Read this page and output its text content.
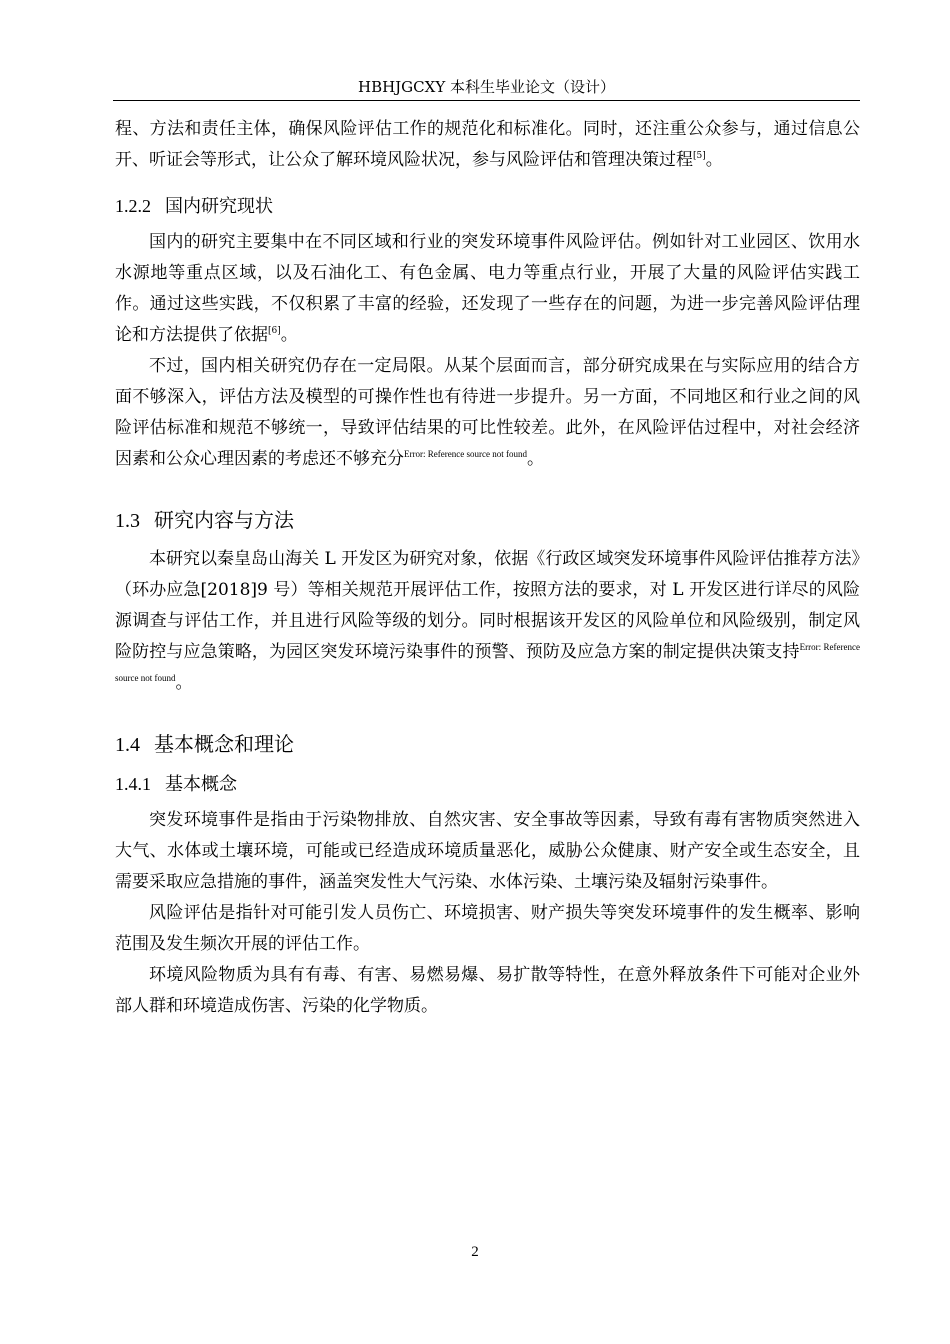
HBHJGCXY 本科生毕业论文（设计）

程、方法和责任主体，确保风险评估工作的规范化和标准化。同时，还注重公众参与，通过信息公开、听证会等形式，让公众了解环境风险状况，参与风险评估和管理决策过程[5]。

1.2.2 国内研究现状

国内的研究主要集中在不同区域和行业的突发环境事件风险评估。例如针对工业园区、饮用水水源地等重点区域，以及石油化工、有色金属、电力等重点行业，开展了大量的风险评估实践工作。通过这些实践，不仅积累了丰富的经验，还发现了一些存在的问题，为进一步完善风险评估理论和方法提供了依据[6]。

不过，国内相关研究仍存在一定局限。从某个层面而言，部分研究成果在与实际应用的结合方面不够深入，评估方法及模型的可操作性也有待进一步提升。另一方面，不同地区和行业之间的风险评估标准和规范不够统一，导致评估结果的可比性较差。此外，在风险评估过程中，对社会经济因素和公众心理因素的考虑还不够充分$^{Error: Reference source not found}$。

1.3 研究内容与方法

本研究以秦皇岛山海关 L 开发区为研究对象，依据《行政区域突发环境事件风险评估推荐方法》（环办应急[2018]9 号）等相关规范开展评估工作，按照方法的要求，对 L 开发区进行详尽的风险源调查与评估工作，并且进行风险等级的划分。同时根据该开发区的风险单位和风险级别，制定风险防控与应急策略，为园区突发环境污染事件的预警、预防及应急方案的制定提供决策支持$^{Error: Reference source not found}$。

1.4 基本概念和理论
1.4.1 基本概念

突发环境事件是指由于污染物排放、自然灾害、安全事故等因素，导致有毒有害物质突然进入大气、水体或土壤环境，可能或已经造成环境质量恶化，威胁公众健康、财产安全或生态安全，且需要采取应急措施的事件，涵盖突发性大气污染、水体污染、土壤污染及辐射污染事件。

风险评估是指针对可能引发人员伤亡、环境损害、财产损失等突发环境事件的发生概率、影响范围及发生频次开展的评估工作。

环境风险物质为具有有毒、有害、易燃易爆、易扩散等特性，在意外释放条件下可能对企业外部人群和环境造成伤害、污染的化学物质。

2
